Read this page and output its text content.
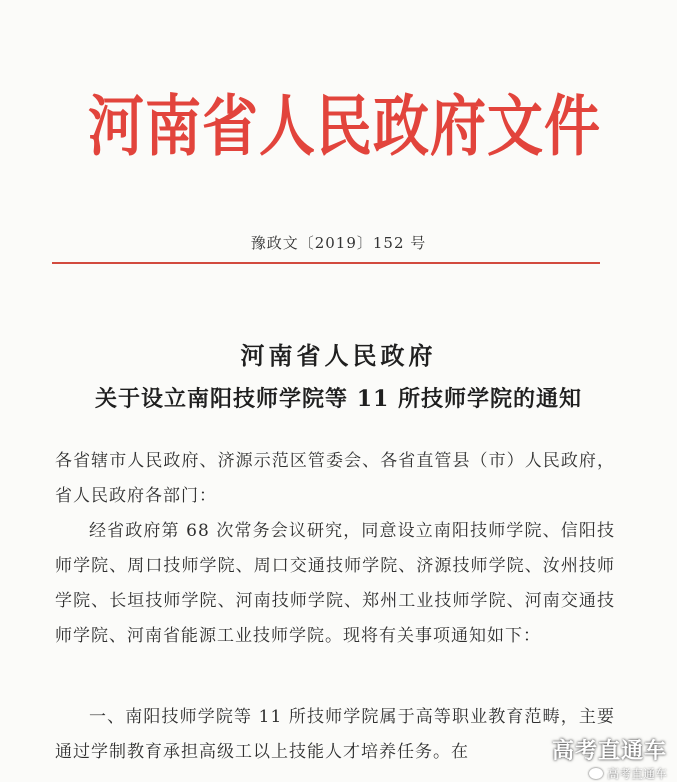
河南省人民政府文件
豫政文〔2019〕152 号
河南省人民政府
关于设立南阳技师学院等 11 所技师学院的通知
各省辖市人民政府、济源示范区管委会、各省直管县（市）人民政府，省人民政府各部门：
经省政府第 68 次常务会议研究，同意设立南阳技师学院、信阳技师学院、周口技师学院、周口交通技师学院、济源技师学院、汝州技师学院、长垣技师学院、河南技师学院、郑州工业技师学院、河南交通技师学院、河南省能源工业技师学院。现将有关事项通知如下：
一、南阳技师学院等 11 所技师学院属于高等职业教育范畴，主要通过学制教育承担高级工以上技能人才培养任务。在	高考直通车
高考直通车
